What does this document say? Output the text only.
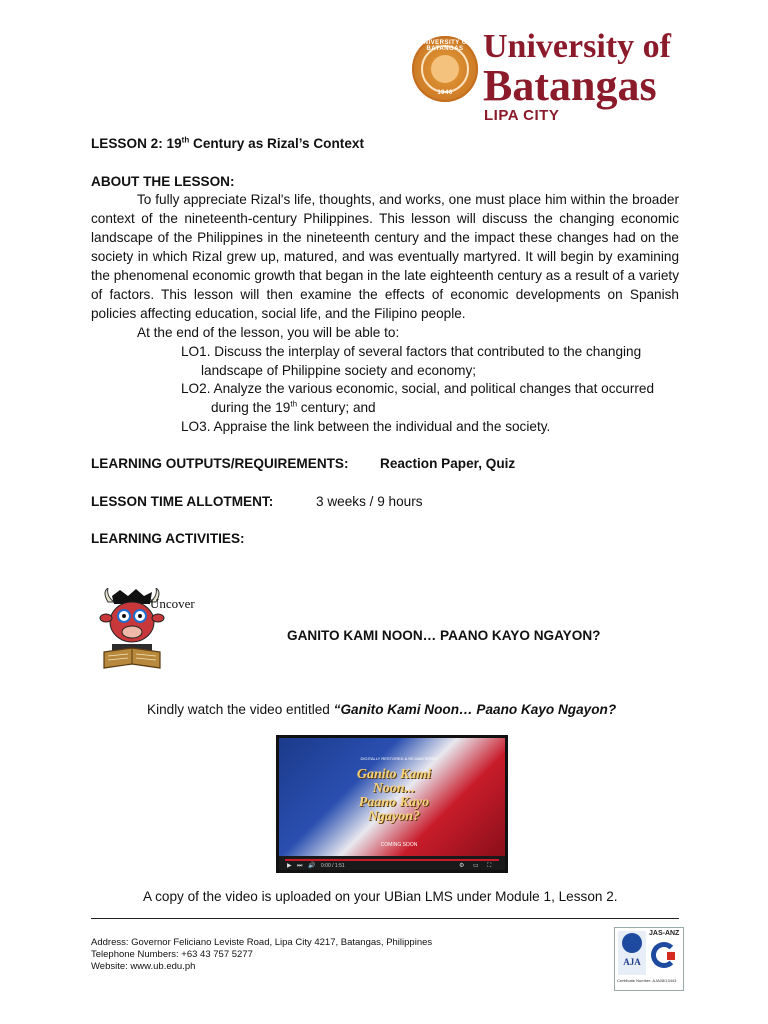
UNIVERSITY OF BATANGAS
1946
University of
Batangas
LIPA CITY
LESSON 2: 19th Century as Rizal’s Context
ABOUT THE LESSON:
To fully appreciate Rizal's life, thoughts, and works, one must place him within the broader context of the nineteenth-century Philippines. This lesson will discuss the changing economic landscape of the Philippines in the nineteenth century and the impact these changes had on the society in which Rizal grew up, matured, and was eventually martyred. It will begin by examining the phenomenal economic growth that began in the late eighteenth century as a result of a variety of factors. This lesson will then examine the effects of economic developments on Spanish policies affecting education, social life, and the Filipino people.
At the end of the lesson, you will be able to:
LO1. Discuss the interplay of several factors that contributed to the changing
landscape of Philippine society and economy;
LO2. Analyze the various economic, social, and political changes that occurred
during the 19th century; and
LO3. Appraise the link between the individual and the society.
LEARNING OUTPUTS/REQUIREMENTS: Reaction Paper, Quiz
LESSON TIME ALLOTMENT:	3 weeks / 9 hours
LEARNING ACTIVITIES:
Uncover
GANITO KAMI NOON… PAANO KAYO NGAYON?
Kindly watch the video entitled “Ganito Kami Noon… Paano Kayo Ngayon?
DIGITALLY RESTORED & RE-MASTERED
Ganito Kami
Noon...
Paano Kayo
Ngayon?
COMING SOON
▶ ⏭ 🔊 0:00 / 1:51	⚙ ▭ ⛶
A copy of the video is uploaded on your UBian LMS under Module 1, Lesson 2.
Address: Governor Feliciano Leviste Road, Lipa City 4217, Batangas, Philippines
Telephone Numbers: +63 43 757 5277
Website: www.ub.edu.ph	AJA
JAS-ANZ
Certificate Number: AJA08/13443
